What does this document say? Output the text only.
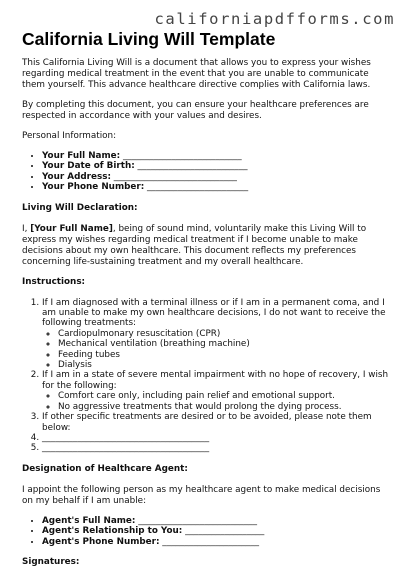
californiapdfforms.com
California Living Will Template

This California Living Will is a document that allows you to express your wishes regarding medical treatment in the event that you are unable to communicate them yourself. This advance healthcare directive complies with California laws.

By completing this document, you can ensure your healthcare preferences are respected in accordance with your values and desires.

Personal Information:

• Your Full Name: ___________________________
• Your Date of Birth: _________________________
• Your Address: ____________________________
• Your Phone Number: _______________________

Living Will Declaration:

I, [Your Full Name], being of sound mind, voluntarily make this Living Will to express my wishes regarding medical treatment if I become unable to make decisions about my own healthcare. This document reflects my preferences concerning life-sustaining treatment and my overall healthcare.

Instructions:

1. If I am diagnosed with a terminal illness or if I am in a permanent coma, and I am unable to make my own healthcare decisions, I do not want to receive the following treatments:
◦ Cardiopulmonary resuscitation (CPR)
◦ Mechanical ventilation (breathing machine)
◦ Feeding tubes
◦ Dialysis
2. If I am in a state of severe mental impairment with no hope of recovery, I wish for the following:
◦ Comfort care only, including pain relief and emotional support.
◦ No aggressive treatments that would prolong the dying process.
3. If other specific treatments are desired or to be avoided, please note them below:
4. ______________________________________
5. ______________________________________

Designation of Healthcare Agent:

I appoint the following person as my healthcare agent to make medical decisions on my behalf if I am unable:

• Agent's Full Name: ___________________________
• Agent's Relationship to You: __________________
• Agent's Phone Number: ______________________

Signatures:
